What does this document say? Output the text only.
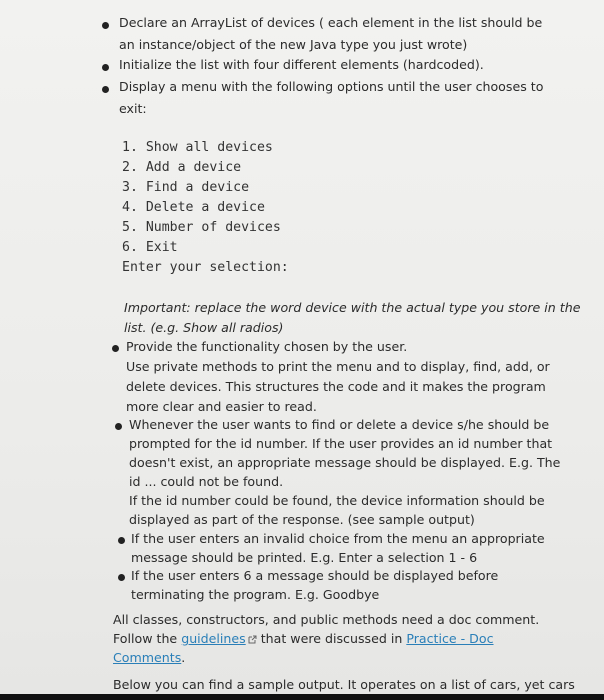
Declare an ArrayList of devices ( each element in the list should be
an instance/object of the new Java type you just wrote)
Initialize the list with four different elements (hardcoded).
Display a menu with the following options until the user chooses to
exit:
1. Show all devices
2. Add a device
3. Find a device
4. Delete a device
5. Number of devices
6. Exit
Enter your selection:
Important: replace the word device with the actual type you store in the
list. (e.g. Show all radios)
Provide the functionality chosen by the user.
Use private methods to print the menu and to display, find, add, or
delete devices. This structures the code and it makes the program
more clear and easier to read.
Whenever the user wants to find or delete a device s/he should be
prompted for the id number. If the user provides an id number that
doesn't exist, an appropriate message should be displayed. E.g. The
id ... could not be found.
If the id number could be found, the device information should be
displayed as part of the response. (see sample output)
If the user enters an invalid choice from the menu an appropriate
message should be printed. E.g. Enter a selection 1 - 6
If the user enters 6 a message should be displayed before
terminating the program. E.g. Goodbye
All classes, constructors, and public methods need a doc comment.
Follow the guidelines that were discussed in Practice - Doc
Comments.
Below you can find a sample output. It operates on a list of cars, yet cars
